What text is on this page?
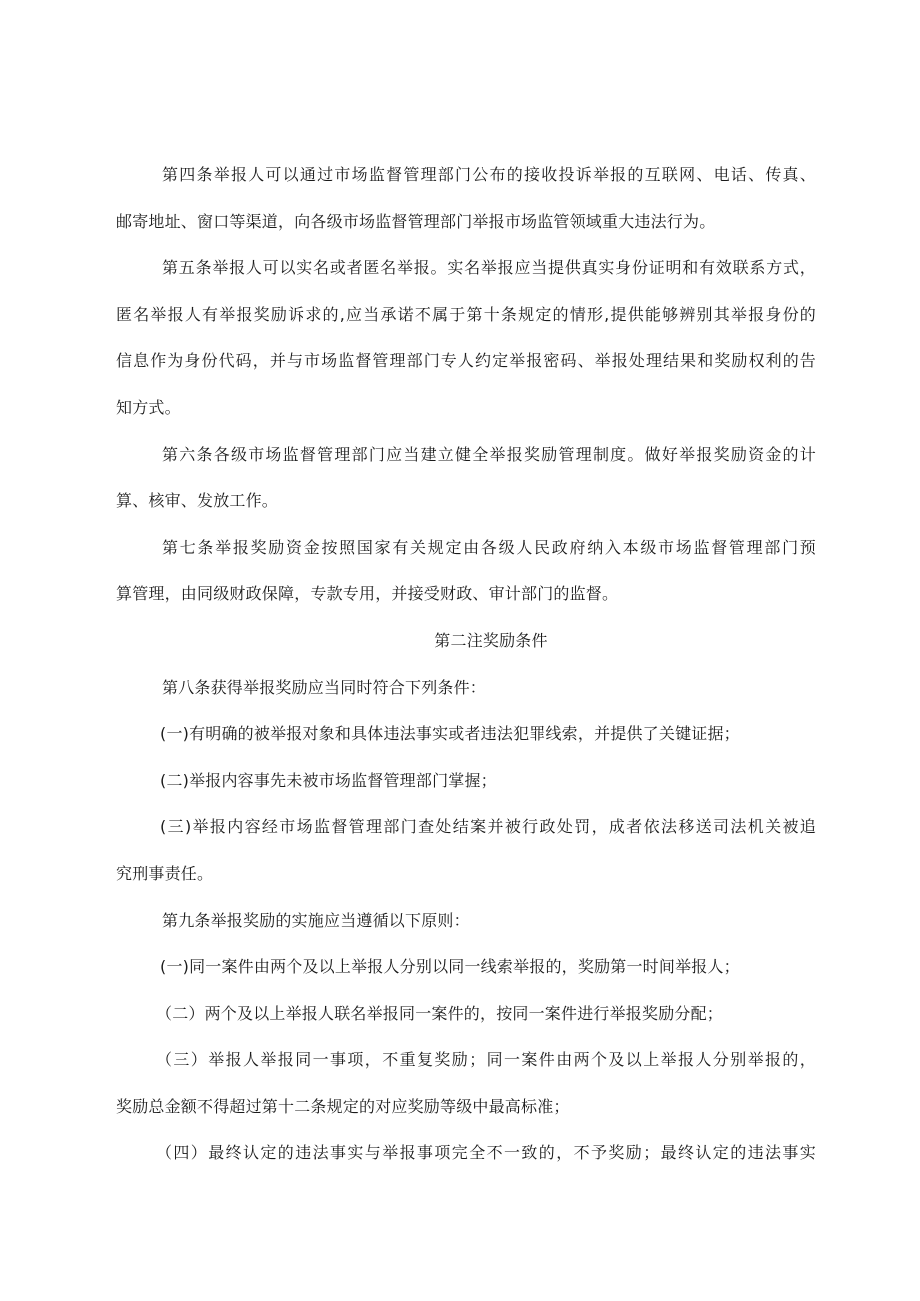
第四条举报人可以通过市场监督管理部门公布的接收投诉举报的互联网、电话、传真、
邮寄地址、窗口等渠道，向各级市场监督管理部门举报市场监管领域重大违法行为。
第五条举报人可以实名或者匿名举报。实名举报应当提供真实身份证明和有效联系方式，
匿名举报人有举报奖励诉求的,应当承诺不属于第十条规定的情形,提供能够辨别其举报身份的
信息作为身份代码，并与市场监督管理部门专人约定举报密码、举报处理结果和奖励权利的告
知方式。
第六条各级市场监督管理部门应当建立健全举报奖励管理制度。做好举报奖励资金的计
算、核审、发放工作。
第七条举报奖励资金按照国家有关规定由各级人民政府纳入本级市场监督管理部门预
算管理，由同级财政保障，专款专用，并接受财政、审计部门的监督。
第二注奖励条件
第八条获得举报奖励应当同时符合下列条件：
(一)有明确的被举报对象和具体违法事实或者违法犯罪线索，并提供了关键证据；
(二)举报内容事先未被市场监督管理部门掌握；
(三)举报内容经市场监督管理部门查处结案并被行政处罚，成者依法移送司法机关被追
究刑事责任。
第九条举报奖励的实施应当遵循以下原则：
(一)同一案件由两个及以上举报人分别以同一线索举报的，奖励第一时间举报人；
（二）两个及以上举报人联名举报同一案件的，按同一案件进行举报奖励分配；
（三）举报人举报同一事项，不重复奖励；同一案件由两个及以上举报人分别举报的，
奖励总金额不得超过第十二条规定的对应奖励等级中最高标准；
（四）最终认定的违法事实与举报事项完全不一致的，不予奖励；最终认定的违法事实
